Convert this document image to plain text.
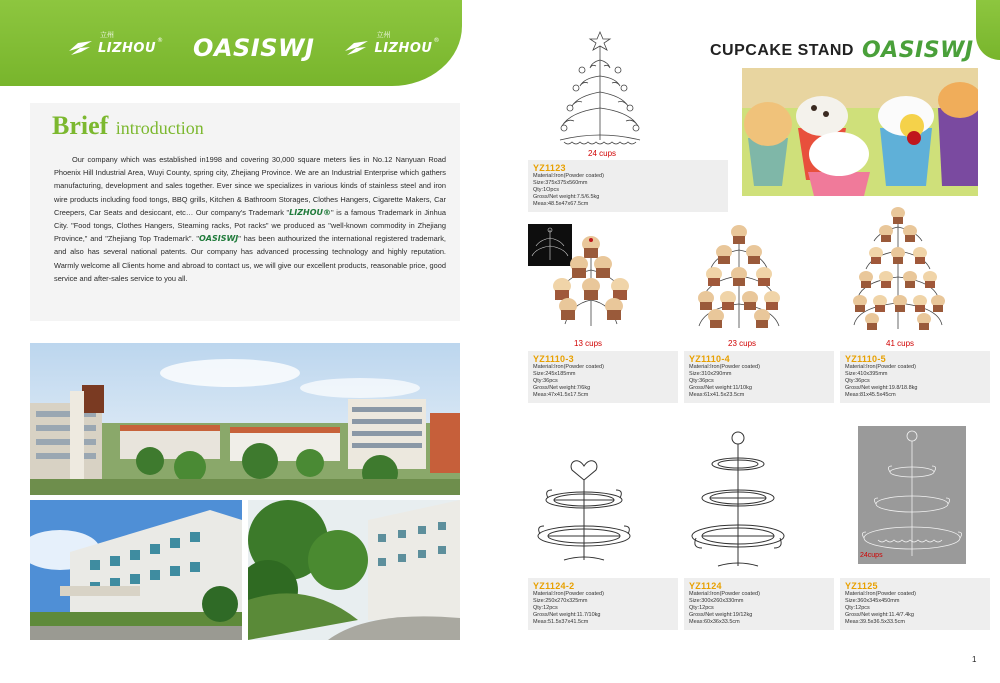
立州
LIZHOU
® OASISWJ	立州
LIZHOU
®
Brief introduction

Our company which was established in1998 and covering 30,000 square meters lies in No.12 Nanyuan Road Phoenix Hill Industrial Area, Wuyi County, spring city, Zhejiang Province. We are an Industrial Enterprise which gathers manufacturing, development and sales together. Ever since we specializes in various kinds of stainless steel and iron wire products including food tongs, BBQ grills, Kitchen & Bathroom Storages, Clothes Hangers, Cigarette Makers, Car Creepers, Car Seats and desiccant, etc… Our company's Trademark "LIZHOU®" is a famous Trademark in Jinhua City. "Food tongs, Clothes Hangers, Steaming racks, Pot racks" we produced as "well-known commodity in Zhejiang Province," and "Zhejiang Top Trademark". "OASISWJ" has been authourized the international registered trademark, and also has several national patents. Our company has advanced processing technology and highly reputation. Warmly welcome all Clients home and abroad to contact us, we will give our excellent products, reasonable price, good service and after-sales service to you all.

CUPCAKE STAND OASISWJ
24 cups
YZ1123
Material:Iron(Powder coated)
Size:375x375x560mm
Qty:1Opcs
Gross/Net weight:7.5/6.5kg
Meas:48.5x47x67.5cm
13 cups	23 cups	41 cups
YZ1110-3
Material:Iron(Powder coated)
Size:245x185mm
Qty:36pcs
Gross/Net weight:7/6kg
Meas:47x41.5x17.5cm
YZ1110-4
Material:Iron(Powder coated)
Size:310x290mm
Qty:36pcs
Gross/Net weight:11/10kg
Meas:61x41.5x23.5cm
YZ1110-5
Material:Iron(Powder coated)
Size:410x395mm
Qty:36pcs
Gross/Net weight:19.8/18.8kg
Meas:81x45.5x45cm
24cups
YZ1124-2
Material:Iron(Powder coated)
Size:250x270x325mm
Qty:12pcs
Gross/Net weight:11.7/10kg
Meas:51.5x37x41.5cm
YZ1124
Material:Iron(Powder coated)
Size:300x260x330mm
Qty:12pcs
Gross/Net weight:19/12kg
Meas:60x36x33.5cm
YZ1125
Material:Iron(Powder coated)
Size:360x345x450mm
Qty:12pcs
Gross/Net weight:11.4/7.4kg
Meas:39.5x36.5x33.5cm
1
